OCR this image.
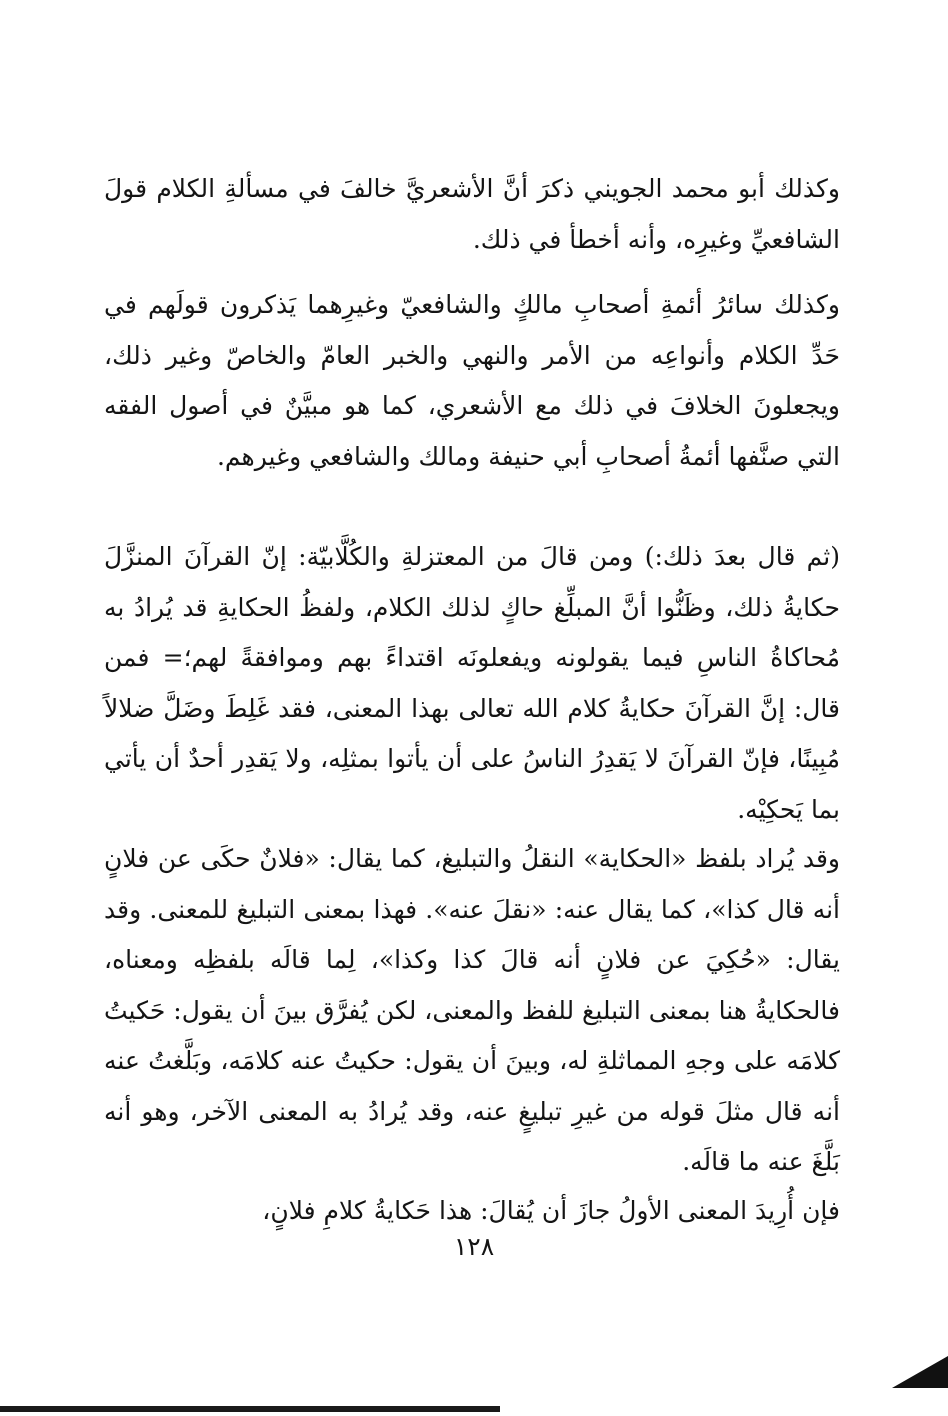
وكذلك أبو محمد الجويني ذكرَ أنَّ الأشعريَّ خالفَ في مسألةِ الكلام قولَ الشافعيِّ وغيرِه، وأنه أخطأ في ذلك.

وكذلك سائرُ أئمةِ أصحابِ مالكٍ والشافعيّ وغيرِهما يَذكرون قولَهم في حَدِّ الكلام وأنواعِه من الأمر والنهي والخبر العامّ والخاصّ وغير ذلك، ويجعلونَ الخلافَ في ذلك مع الأشعري، كما هو مبيَّنٌ في أصول الفقه التي صنَّفها أئمةُ أصحابِ أبي حنيفة ومالك والشافعي وغيرهم.

(ثم قال بعدَ ذلك:) ومن قالَ من المعتزلةِ والكُلَّابيّة: إنّ القرآنَ المنزَّلَ حكايةُ ذلك، وظَنُّوا أنَّ المبلِّغ حاكٍ لذلك الكلام، ولفظُ الحكايةِ قد يُرادُ به مُحاكاةُ الناسِ فيما يقولونه ويفعلونَه اقتداءً بهم وموافقةً لهم؛= فمن قال: إنَّ القرآنَ حكايةُ كلام الله تعالى بهذا المعنى، فقد غَلِطَ وضَلَّ ضلالاً مُبِينًا، فإنّ القرآنَ لا يَقدِرُ الناسُ على أن يأتوا بمثلِه، ولا يَقدِر أحدٌ أن يأتي بما يَحكِيْه.

وقد يُراد بلفظ «الحكاية» النقلُ والتبليغ، كما يقال: «فلانٌ حكَى عن فلانٍ أنه قال كذا»، كما يقال عنه: «نقلَ عنه». فهذا بمعنى التبليغ للمعنى. وقد يقال: «حُكِيَ عن فلانٍ أنه قالَ كذا وكذا»، لِما قالَه بلفظِه ومعناه، فالحكايةُ هنا بمعنى التبليغ للفظ والمعنى، لكن يُفرَّق بينَ أن يقول: حَكيتُ كلامَه على وجهِ المماثلةِ له، وبينَ أن يقول: حكيتُ عنه كلامَه، وبَلَّغتُ عنه أنه قال مثلَ قوله من غيرِ تبليغٍ عنه، وقد يُرادُ به المعنى الآخر، وهو أنه بَلَّغَ عنه ما قالَه.

فإن أُرِيدَ المعنى الأولُ جازَ أن يُقالَ: هذا حَكايةُ كلامِ فلانٍ،

١٢٨
